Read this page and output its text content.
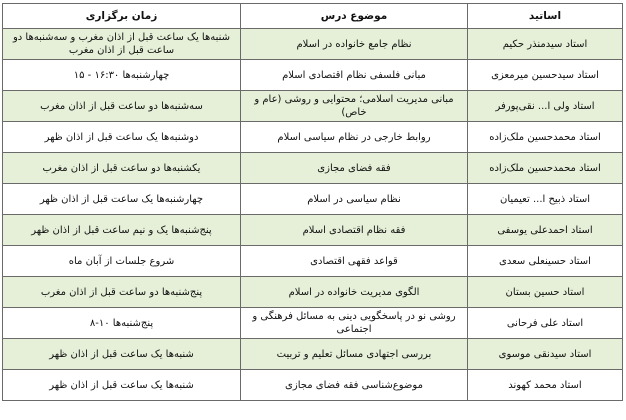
اساتید	موضوع درس	زمان برگزاری
استاد سیدمنذر حکیم	نظام جامع خانواده در اسلام	شنبه‌ها یک ساعت قبل از اذان مغرب و سه‌شنبه‌ها دو ساعت قبل از اذان مغرب
استاد سیدحسین میرمعزی	مبانی فلسفی نظام اقتصادی اسلام	چهارشنبه‌ها ۱۶:۳۰ - ۱۵
استاد ولی ا... نقی‌پورفر	مبانی مدیریت اسلامی؛ محتوایی و روشی (عام و خاص)	سه‌شنبه‌ها دو ساعت قبل از اذان مغرب
استاد محمدحسین ملک‌زاده	روابط خارجی در نظام سیاسی اسلام	دوشنبه‌ها یک ساعت قبل از اذان ظهر
استاد محمدحسین ملک‌زاده	فقه فضای مجازی	یکشنبه‌ها دو ساعت قبل از اذان مغرب
استاد ذبیح ا... تعیمیان	نظام سیاسی در اسلام	چهارشنبه‌ها یک ساعت قبل از اذان ظهر
استاد احمدعلی یوسفی	فقه نظام اقتصادی اسلام	پنج‌شنبه‌ها یک و نیم ساعت قبل از اذان ظهر
استاد حسینعلی سعدی	قواعد فقهی اقتصادی	شروع جلسات از آبان ماه
استاد حسین بستان	الگوی مدیریت خانواده در اسلام	پنج‌شنبه‌ها دو ساعت قبل از اذان مغرب
استاد علی فرحانی	روشی نو در پاسخگویی دینی به مسائل فرهنگی و اجتماعی	پنج‌شنبه‌ها ۱۰-۸
استاد سیدنقی موسوی	بررسی اجتهادی مسائل تعلیم و تربیت	شنبه‌ها یک ساعت قبل از اذان ظهر
استاد محمد کهوند	موضوع‌شناسی فقه فضای مجازی	شنبه‌ها یک ساعت قبل از اذان ظهر
